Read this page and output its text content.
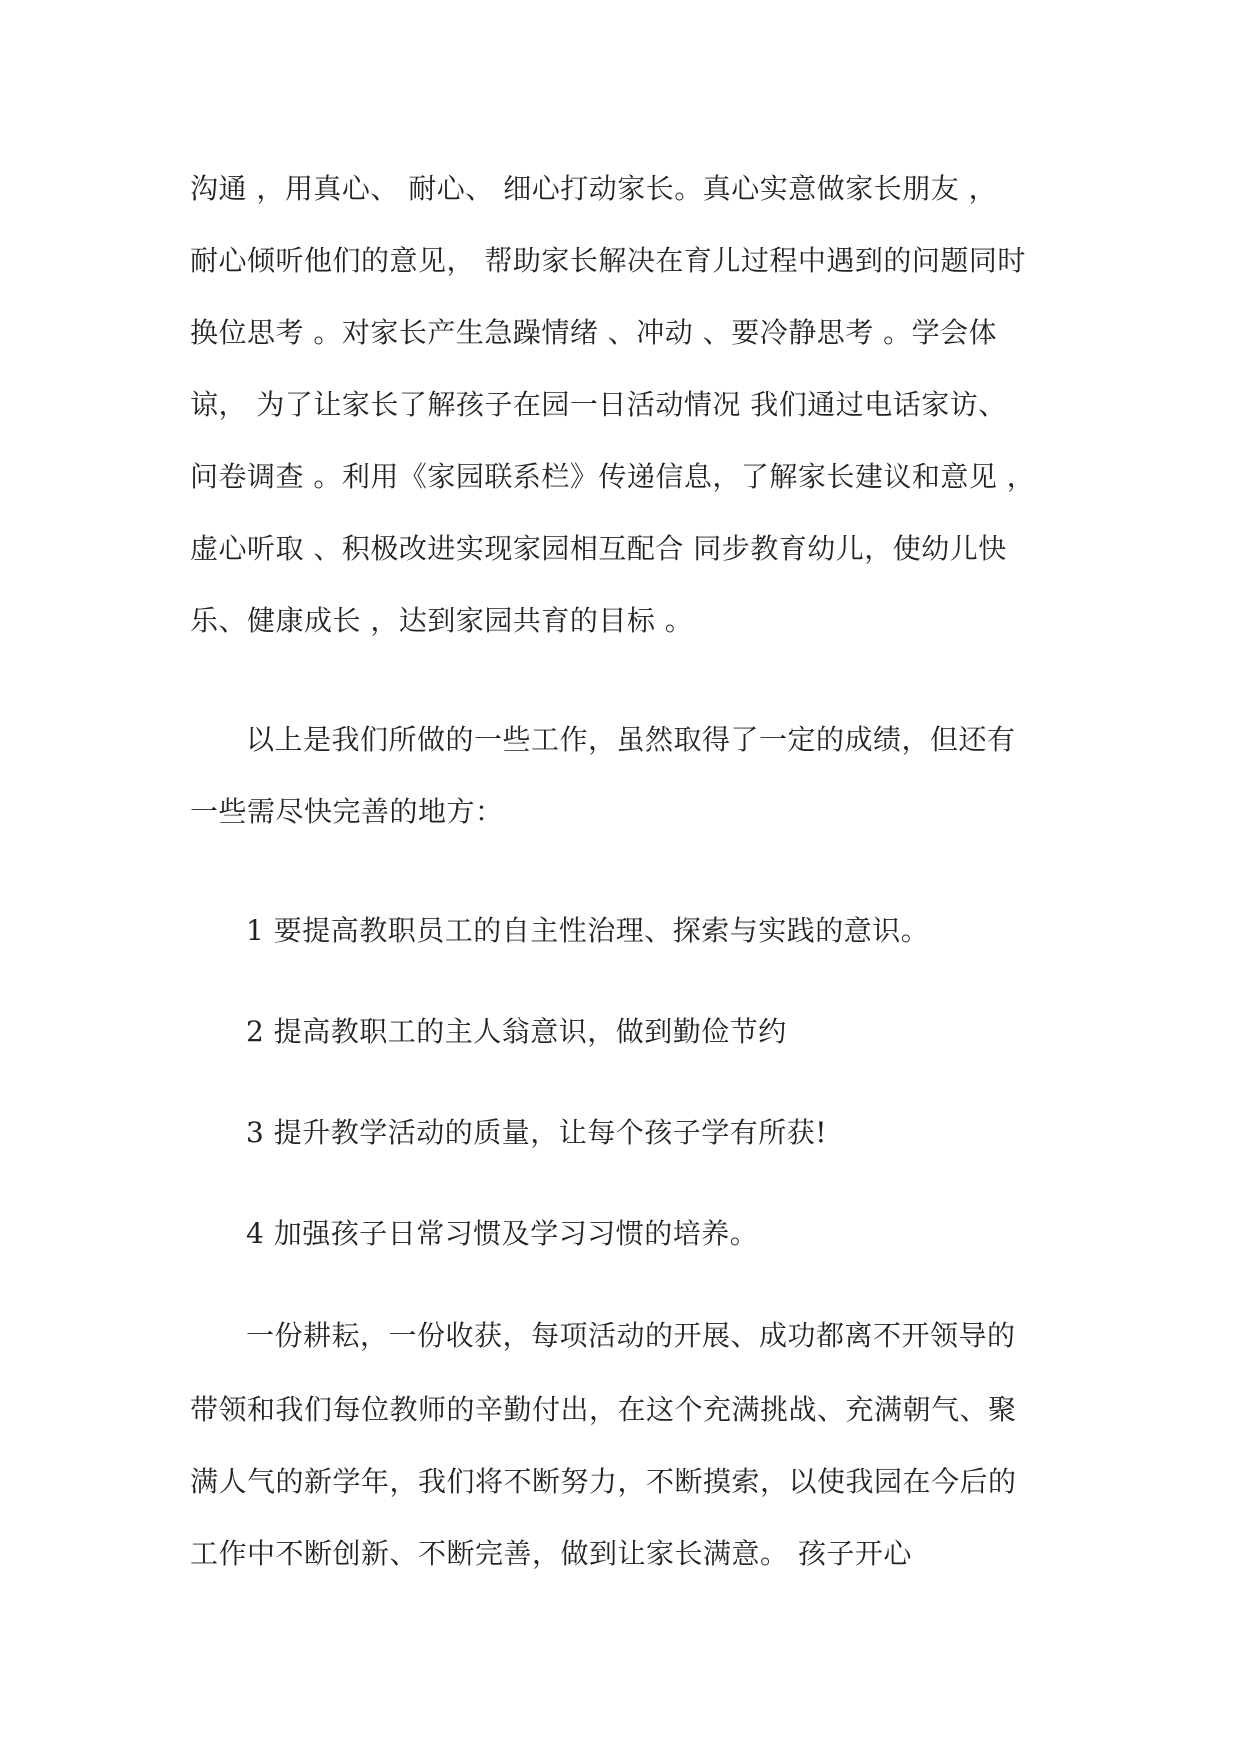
沟通 ，用真心、 耐心、 细心打动家长。真心实意做家长朋友 ，
耐心倾听他们的意见， 帮助家长解决在育儿过程中遇到的问题同时
换位思考 。对家长产生急躁情绪 、冲动 、要冷静思考 。学会体
谅， 为了让家长了解孩子在园一日活动情况 我们通过电话家访、
问卷调查 。利用《家园联系栏》传递信息，了解家长建议和意见 ，
虚心听取 、积极改进实现家园相互配合 同步教育幼儿，使幼儿快
乐、健康成长 ，达到家园共育的目标 。
以上是我们所做的一些工作，虽然取得了一定的成绩，但还有
一些需尽快完善的地方：
1 要提高教职员工的自主性治理、探索与实践的意识。
2 提高教职工的主人翁意识，做到勤俭节约
3 提升教学活动的质量，让每个孩子学有所获!
4 加强孩子日常习惯及学习习惯的培养。
一份耕耘，一份收获，每项活动的开展、成功都离不开领导的
带领和我们每位教师的辛勤付出，在这个充满挑战、充满朝气、聚
满人气的新学年，我们将不断努力，不断摸索，以使我园在今后的
工作中不断创新、不断完善，做到让家长满意。 孩子开心
